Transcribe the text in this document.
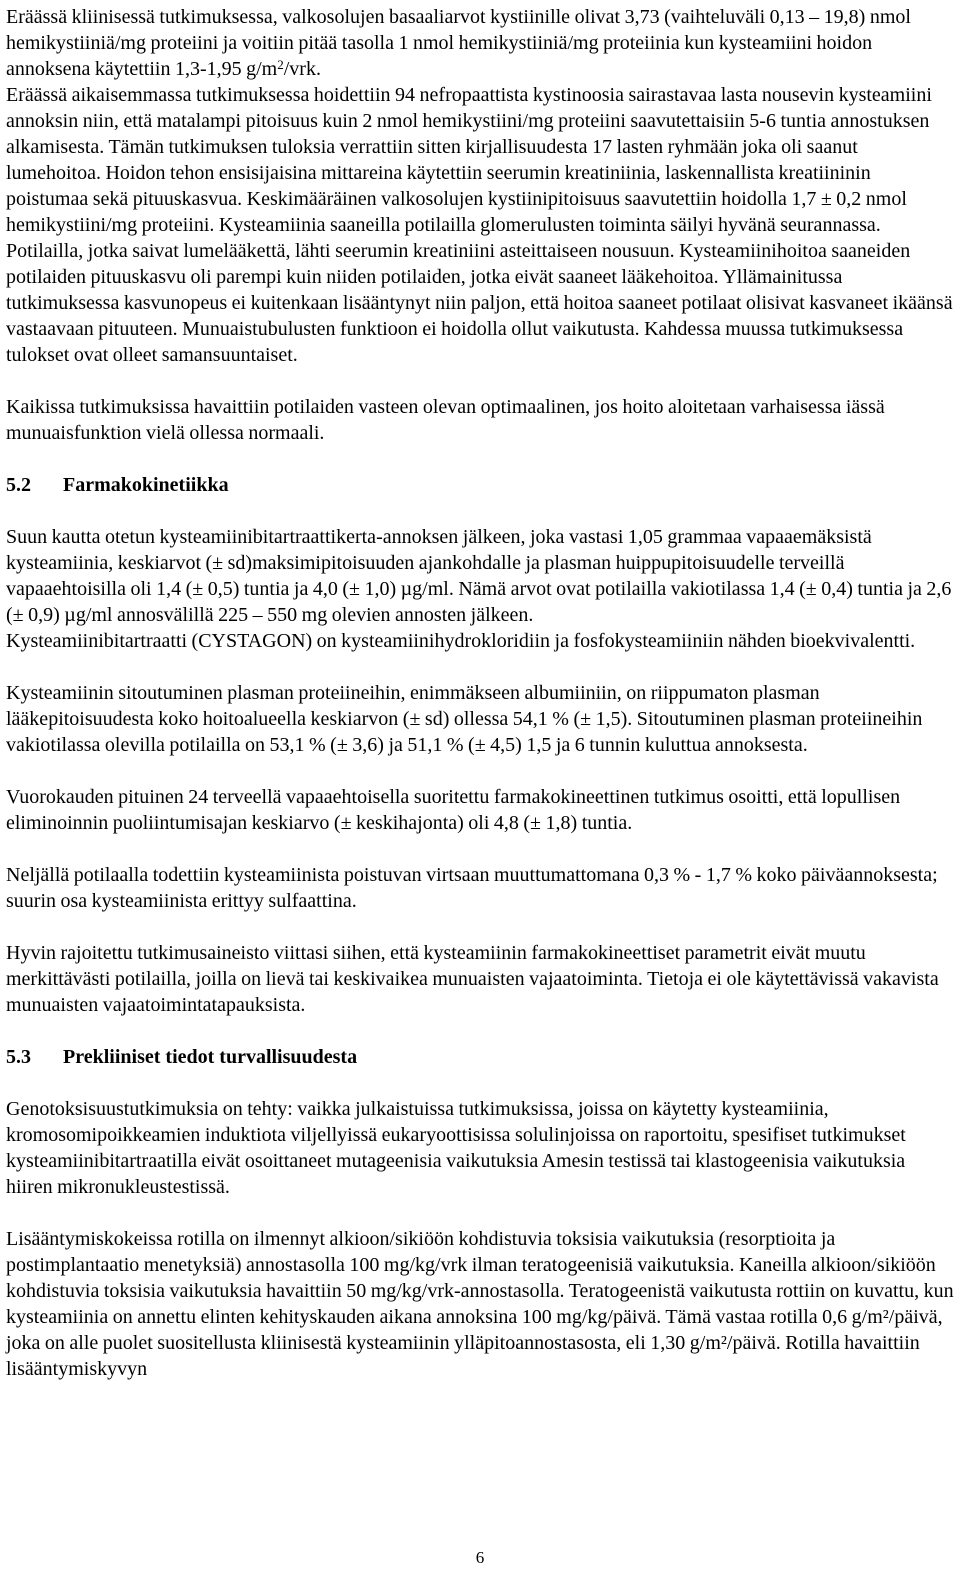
Eräässä kliinisessä tutkimuksessa, valkosolujen basaaliarvot kystiinille olivat 3,73 (vaihteluväli 0,13 – 19,8) nmol hemikystiiniä/mg proteiini ja voitiin pitää tasolla 1 nmol hemikystiiniä/mg proteiinia kun kysteamiini hoidon annoksena käytettiin 1,3-1,95 $g/m^2$/vrk.
Eräässä aikaisemmassa tutkimuksessa hoidettiin 94 nefropaattista kystinoosia sairastavaa lasta nousevin kysteamiini annoksin niin, että matalampi pitoisuus kuin 2 nmol hemikystiini/mg proteiini saavutettaisiin 5-6 tuntia annostuksen alkamisesta. Tämän tutkimuksen tuloksia verrattiin sitten kirjallisuudesta 17 lasten ryhmään joka oli saanut lumehoitoa. Hoidon tehon ensisijaisina mittareina käytettiin seerumin kreatiniinia, laskennallista kreatiininin poistumaa sekä pituuskasvua. Keskimääräinen valkosolujen kystiinipitoisuus saavutettiin hoidolla 1,7 ± 0,2 nmol hemikystiini/mg proteiini. Kysteamiinia saaneilla potilailla glomerulusten toiminta säilyi hyvänä seurannassa. Potilailla, jotka saivat lumelääkettä, lähti seerumin kreatiniini asteittaiseen nousuun. Kysteamiinihoitoa saaneiden potilaiden pituuskasvu oli parempi kuin niiden potilaiden, jotka eivät saaneet lääkehoitoa. Yllämainitussa tutkimuksessa kasvunopeus ei kuitenkaan lisääntynyt niin paljon, että hoitoa saaneet potilaat olisivat kasvaneet ikäänsä vastaavaan pituuteen. Munuaistubulusten funktioon ei hoidolla ollut vaikutusta. Kahdessa muussa tutkimuksessa tulokset ovat olleet samansuuntaiset.

Kaikissa tutkimuksissa havaittiin potilaiden vasteen olevan optimaalinen, jos hoito aloitetaan varhaisessa iässä munuaisfunktion vielä ollessa normaali.

5.2 Farmakokinetiikka

Suun kautta otetun kysteamiinibitartraattikerta-annoksen jälkeen, joka vastasi 1,05 grammaa vapaaemäksistä kysteamiinia, keskiarvot (± sd)maksimipitoisuuden ajankohdalle ja plasman huippupitoisuudelle terveillä vapaaehtoisilla oli 1,4 (± 0,5) tuntia ja 4,0 (± 1,0) µg/ml. Nämä arvot ovat potilailla vakiotilassa 1,4 (± 0,4) tuntia ja 2,6 (± 0,9) µg/ml annosvälillä 225 – 550 mg olevien annosten jälkeen.

Kysteamiinibitartraatti (CYSTAGON) on kysteamiinihydrokloridiin ja fosfokysteamiiniin nähden bioekvivalentti.

Kysteamiinin sitoutuminen plasman proteiineihin, enimmäkseen albumiiniin, on riippumaton plasman lääkepitoisuudesta koko hoitoalueella keskiarvon (± sd) ollessa 54,1 % (± 1,5). Sitoutuminen plasman proteiineihin vakiotilassa olevilla potilailla on 53,1 % (± 3,6) ja 51,1 % (± 4,5) 1,5 ja 6 tunnin kuluttua annoksesta.

Vuorokauden pituinen 24 terveellä vapaaehtoisella suoritettu farmakokineettinen tutkimus osoitti, että lopullisen eliminoinnin puoliintumisajan keskiarvo (± keskihajonta) oli 4,8 (± 1,8) tuntia.

Neljällä potilaalla todettiin kysteamiinista poistuvan virtsaan muuttumattomana 0,3 % - 1,7 % koko päiväannoksesta; suurin osa kysteamiinista erittyy sulfaattina.

Hyvin rajoitettu tutkimusaineisto viittasi siihen, että kysteamiinin farmakokineettiset parametrit eivät muutu merkittävästi potilailla, joilla on lievä tai keskivaikea munuaisten vajaatoiminta. Tietoja ei ole käytettävissä vakavista munuaisten vajaatoimintatapauksista.

5.3 Prekliiniset tiedot turvallisuudesta

Genotoksisuustutkimuksia on tehty: vaikka julkaistuissa tutkimuksissa, joissa on käytetty kysteamiinia, kromosomipoikkeamien induktiota viljellyissä eukaryoottisissa solulinjoissa on raportoitu, spesifiset tutkimukset kysteamiinibitartraatilla eivät osoittaneet mutageenisia vaikutuksia Amesin testissä tai klastogeenisia vaikutuksia hiiren mikronukleustestissä.

Lisääntymiskokeissa rotilla on ilmennyt alkioon/sikiöön kohdistuvia toksisia vaikutuksia (resorptioita ja postimplantaatio menetyksiä) annostasolla 100 mg/kg/vrk ilman teratogeenisiä vaikutuksia. Kaneilla alkioon/sikiöön kohdistuvia toksisia vaikutuksia havaittiin 50 mg/kg/vrk-annostasolla. Teratogeenistä vaikutusta rottiin on kuvattu, kun kysteamiinia on annettu elinten kehityskauden aikana annoksina 100 mg/kg/päivä. Tämä vastaa rotilla 0,6 g/m²/päivä, joka on alle puolet suositellusta kliinisestä kysteamiinin ylläpitoannostasosta, eli 1,30 g/m²/päivä. Rotilla havaittiin lisääntymiskyvyn

6
